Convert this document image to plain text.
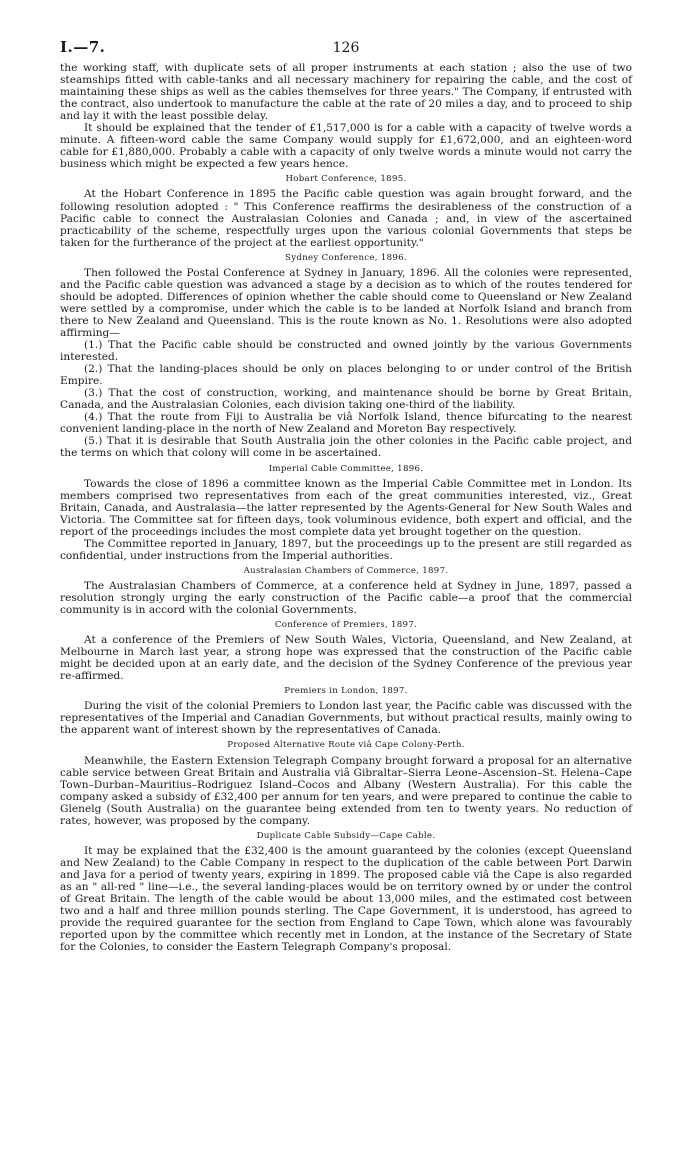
I.—7.	126

the working staff, with duplicate sets of all proper instruments at each station ; also the use of two steamships fitted with cable-tanks and all necessary machinery for repairing the cable, and the cost of maintaining these ships as well as the cables themselves for three years." The Company, if entrusted with the contract, also undertook to manufacture the cable at the rate of 20 miles a day, and to proceed to ship and lay it with the least possible delay.

It should be explained that the tender of £1,517,000 is for a cable with a capacity of twelve words a minute. A fifteen-word cable the same Company would supply for £1,672,000, and an eighteen-word cable for £1,880,000. Probably a cable with a capacity of only twelve words a minute would not carry the business which might be expected a few years hence.

Hobart Conference, 1895.

At the Hobart Conference in 1895 the Pacific cable question was again brought forward, and the following resolution adopted : " This Conference reaffirms the desirableness of the construction of a Pacific cable to connect the Australasian Colonies and Canada ; and, in view of the ascertained practicability of the scheme, respectfully urges upon the various colonial Governments that steps be taken for the furtherance of the project at the earliest opportunity."

Sydney Conference, 1896.

Then followed the Postal Conference at Sydney in January, 1896. All the colonies were represented, and the Pacific cable question was advanced a stage by a decision as to which of the routes tendered for should be adopted. Differences of opinion whether the cable should come to Queensland or New Zealand were settled by a compromise, under which the cable is to be landed at Norfolk Island and branch from there to New Zealand and Queensland. This is the route known as No. 1. Resolutions were also adopted affirming—

(1.) That the Pacific cable should be constructed and owned jointly by the various Governments interested.

(2.) That the landing-places should be only on places belonging to or under control of the British Empire.

(3.) That the cost of construction, working, and maintenance should be borne by Great Britain, Canada, and the Australasian Colonies, each division taking one-third of the liability.

(4.) That the route from Fiji to Australia be viâ Norfolk Island, thence bifurcating to the nearest convenient landing-place in the north of New Zealand and Moreton Bay respectively.

(5.) That it is desirable that South Australia join the other colonies in the Pacific cable project, and the terms on which that colony will come in be ascertained.

Imperial Cable Committee, 1896.

Towards the close of 1896 a committee known as the Imperial Cable Committee met in London. Its members comprised two representatives from each of the great communities interested, viz., Great Britain, Canada, and Australasia—the latter represented by the Agents-General for New South Wales and Victoria. The Committee sat for fifteen days, took voluminous evidence, both expert and official, and the report of the proceedings includes the most complete data yet brought together on the question.

The Committee reported in January, 1897, but the proceedings up to the present are still regarded as confidential, under instructions from the Imperial authorities.

Australasian Chambers of Commerce, 1897.

The Australasian Chambers of Commerce, at a conference held at Sydney in June, 1897, passed a resolution strongly urging the early construction of the Pacific cable—a proof that the commercial community is in accord with the colonial Governments.

Conference of Premiers, 1897.

At a conference of the Premiers of New South Wales, Victoria, Queensland, and New Zealand, at Melbourne in March last year, a strong hope was expressed that the construction of the Pacific cable might be decided upon at an early date, and the decision of the Sydney Conference of the previous year re-affirmed.

Premiers in London, 1897.

During the visit of the colonial Premiers to London last year, the Pacific cable was discussed with the representatives of the Imperial and Canadian Governments, but without practical results, mainly owing to the apparent want of interest shown by the representatives of Canada.

Proposed Alternative Route viâ Cape Colony-Perth.

Meanwhile, the Eastern Extension Telegraph Company brought forward a proposal for an alternative cable service between Great Britain and Australia viâ Gibraltar–Sierra Leone–Ascension–St. Helena–Cape Town–Durban–Mauritius–Rodriguez Island–Cocos and Albany (Western Australia). For this cable the company asked a subsidy of £32,400 per annum for ten years, and were prepared to continue the cable to Glenelg (South Australia) on the guarantee being extended from ten to twenty years. No reduction of rates, however, was proposed by the company.

Duplicate Cable Subsidy—Cape Cable.

It may be explained that the £32,400 is the amount guaranteed by the colonies (except Queensland and New Zealand) to the Cable Company in respect to the duplication of the cable between Port Darwin and Java for a period of twenty years, expiring in 1899. The proposed cable viâ the Cape is also regarded as an " all-red " line—i.e., the several landing-places would be on territory owned by or under the control of Great Britain. The length of the cable would be about 13,000 miles, and the estimated cost between two and a half and three million pounds sterling. The Cape Government, it is understood, has agreed to provide the required guarantee for the section from England to Cape Town, which alone was favourably reported upon by the committee which recently met in London, at the instance of the Secretary of State for the Colonies, to consider the Eastern Telegraph Company's proposal.
